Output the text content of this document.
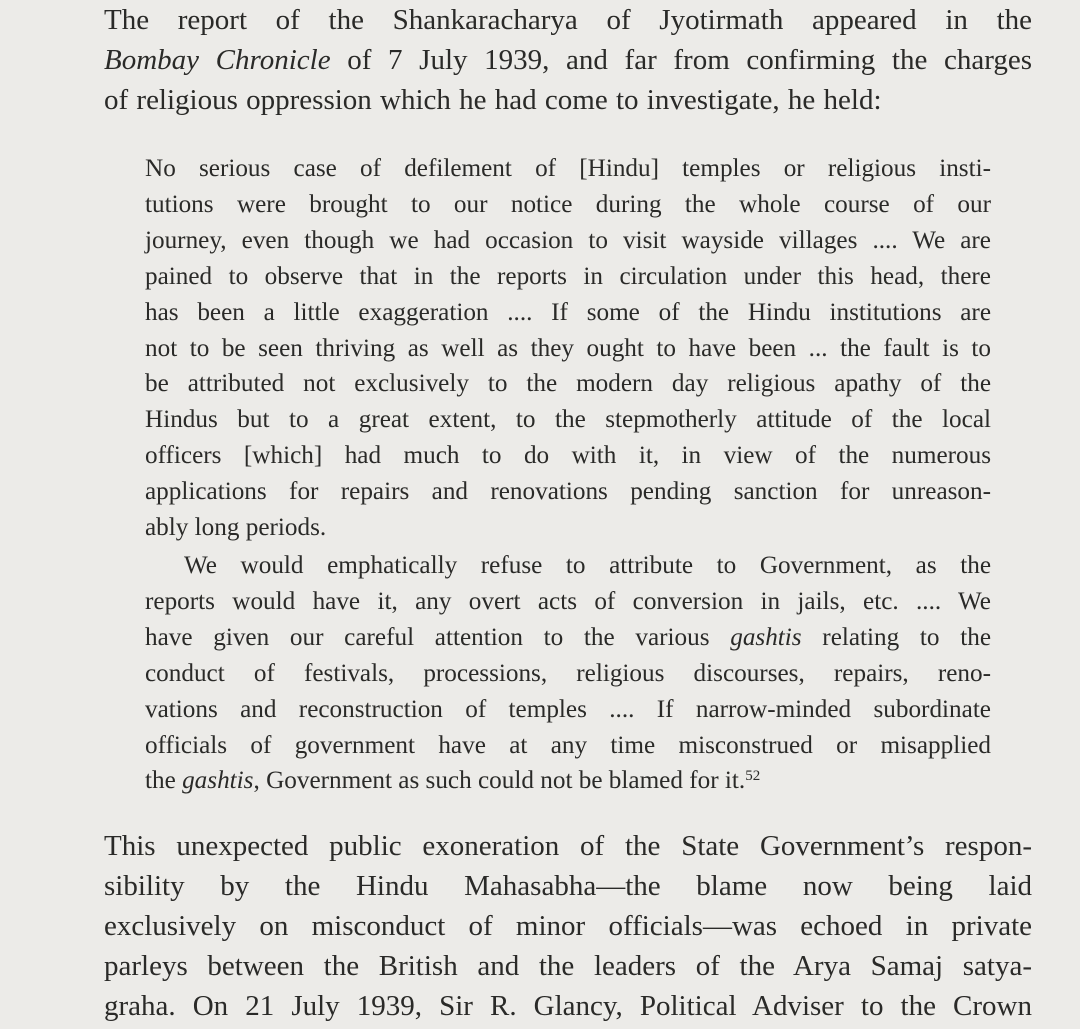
The report of the Shankaracharya of Jyotirmath appeared in the
Bombay Chronicle of 7 July 1939, and far from confirming the charges
of religious oppression which he had come to investigate, he held:

No serious case of defilement of [Hindu] temples or religious insti-
tutions were brought to our notice during the whole course of our
journey, even though we had occasion to visit wayside villages .... We are
pained to observe that in the reports in circulation under this head, there
has been a little exaggeration .... If some of the Hindu institutions are
not to be seen thriving as well as they ought to have been ... the fault is to
be attributed not exclusively to the modern day religious apathy of the
Hindus but to a great extent, to the stepmotherly attitude of the local
officers [which] had much to do with it, in view of the numerous
applications for repairs and renovations pending sanction for unreason-
ably long periods.
We would emphatically refuse to attribute to Government, as the
reports would have it, any overt acts of conversion in jails, etc. .... We
have given our careful attention to the various gashtis relating to the
conduct of festivals, processions, religious discourses, repairs, reno-
vations and reconstruction of temples .... If narrow-minded subordinate
officials of government have at any time misconstrued or misapplied
the gashtis, Government as such could not be blamed for it.$^{52}$

This unexpected public exoneration of the State Government’s respon-
sibility by the Hindu Mahasabha—the blame now being laid
exclusively on misconduct of minor officials—was echoed in private
parleys between the British and the leaders of the Arya Samaj satya-
graha. On 21 July 1939, Sir R. Glancy, Political Adviser to the Crown
